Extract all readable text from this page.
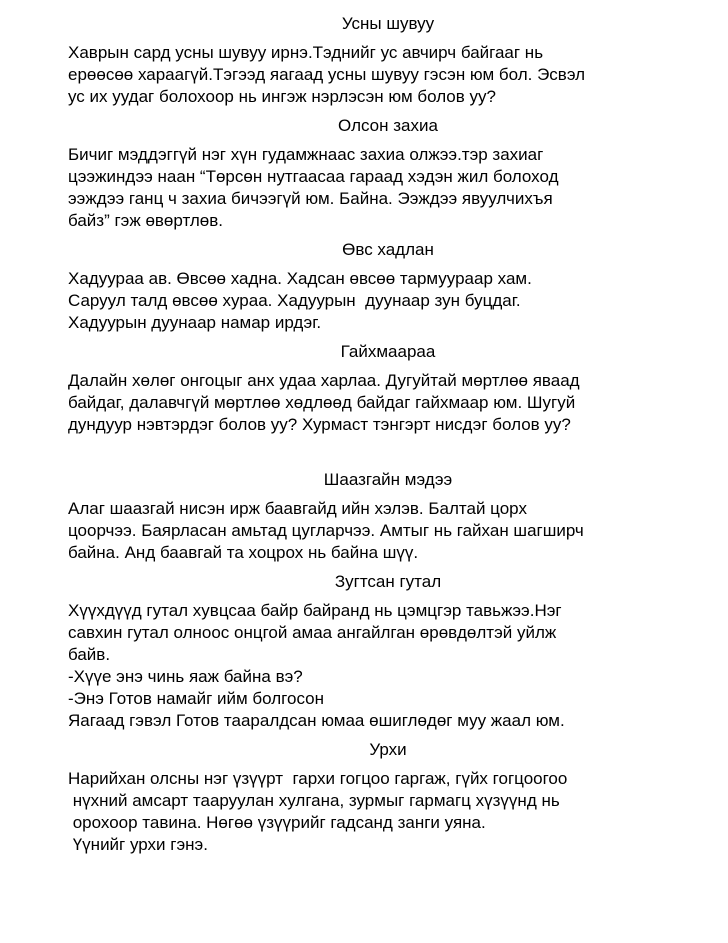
Усны шувуу
Хаврын сард усны шувуу ирнэ.Тэднийг ус авчирч байгааг нь
ерөөсөө хараагүй.Тэгээд яагаад усны шувуу гэсэн юм бол. Эсвэл
ус их уудаг болохоор нь ингэж нэрлэсэн юм болов уу?
Олсон захиа
Бичиг мэддэггүй нэг хүн гудамжнаас захиа олжээ.тэр захиаг
цээжиндээ наан “Төрсөн нутгаасаа гараад хэдэн жил болоход
ээждээ ганц ч захиа бичээгүй юм. Байна. Ээждээ явуулчихъя
байз” гэж өвөртлөв.
Өвс хадлан
Хадуураа ав. Өвсөө хадна. Хадсан өвсөө тармуураар хам.
Саруул талд өвсөө хураа. Хадуурын  дуунаар зун буцдаг.
Хадуурын дуунаар намар ирдэг.
Гайхмаараа
Далайн хөлөг онгоцыг анх удаа харлаа. Дугуйтай мөртлөө яваад
байдаг, далавчгүй мөртлөө хөдлөөд байдаг гайхмаар юм. Шугуй
дундуур нэвтэрдэг болов уу? Хурмаст тэнгэрт нисдэг болов уу?
Шаазгайн мэдээ
Алаг шаазгай нисэн ирж баавгайд ийн хэлэв. Балтай цорх
цоорчээ. Баярласан амьтад цугларчээ. Амтыг нь гайхан шагширч
байна. Анд баавгай та хоцрох нь байна шүү.
Зугтсан гутал
Хүүхдүүд гутал хувцсаа байр байранд нь цэмцгэр тавьжээ.Нэг
савхин гутал олноос онцгой амаа ангайлган өрөвдөлтэй уйлж
байв.
-Хүүе энэ чинь яаж байна вэ?
-Энэ Готов намайг ийм болгосон
Яагаад гэвэл Готов тааралдсан юмаа өшиглөдөг муу жаал юм.
Урхи
Нарийхан олсны нэг үзүүрт  гархи гогцоо гаргаж, гүйх гогцоогоо
нүхний амсарт тааруулан хулгана, зурмыг гармагц хүзүүнд нь
орохоор тавина. Нөгөө үзүүрийг гадсанд занги уяна.
Үүнийг урхи гэнэ.
